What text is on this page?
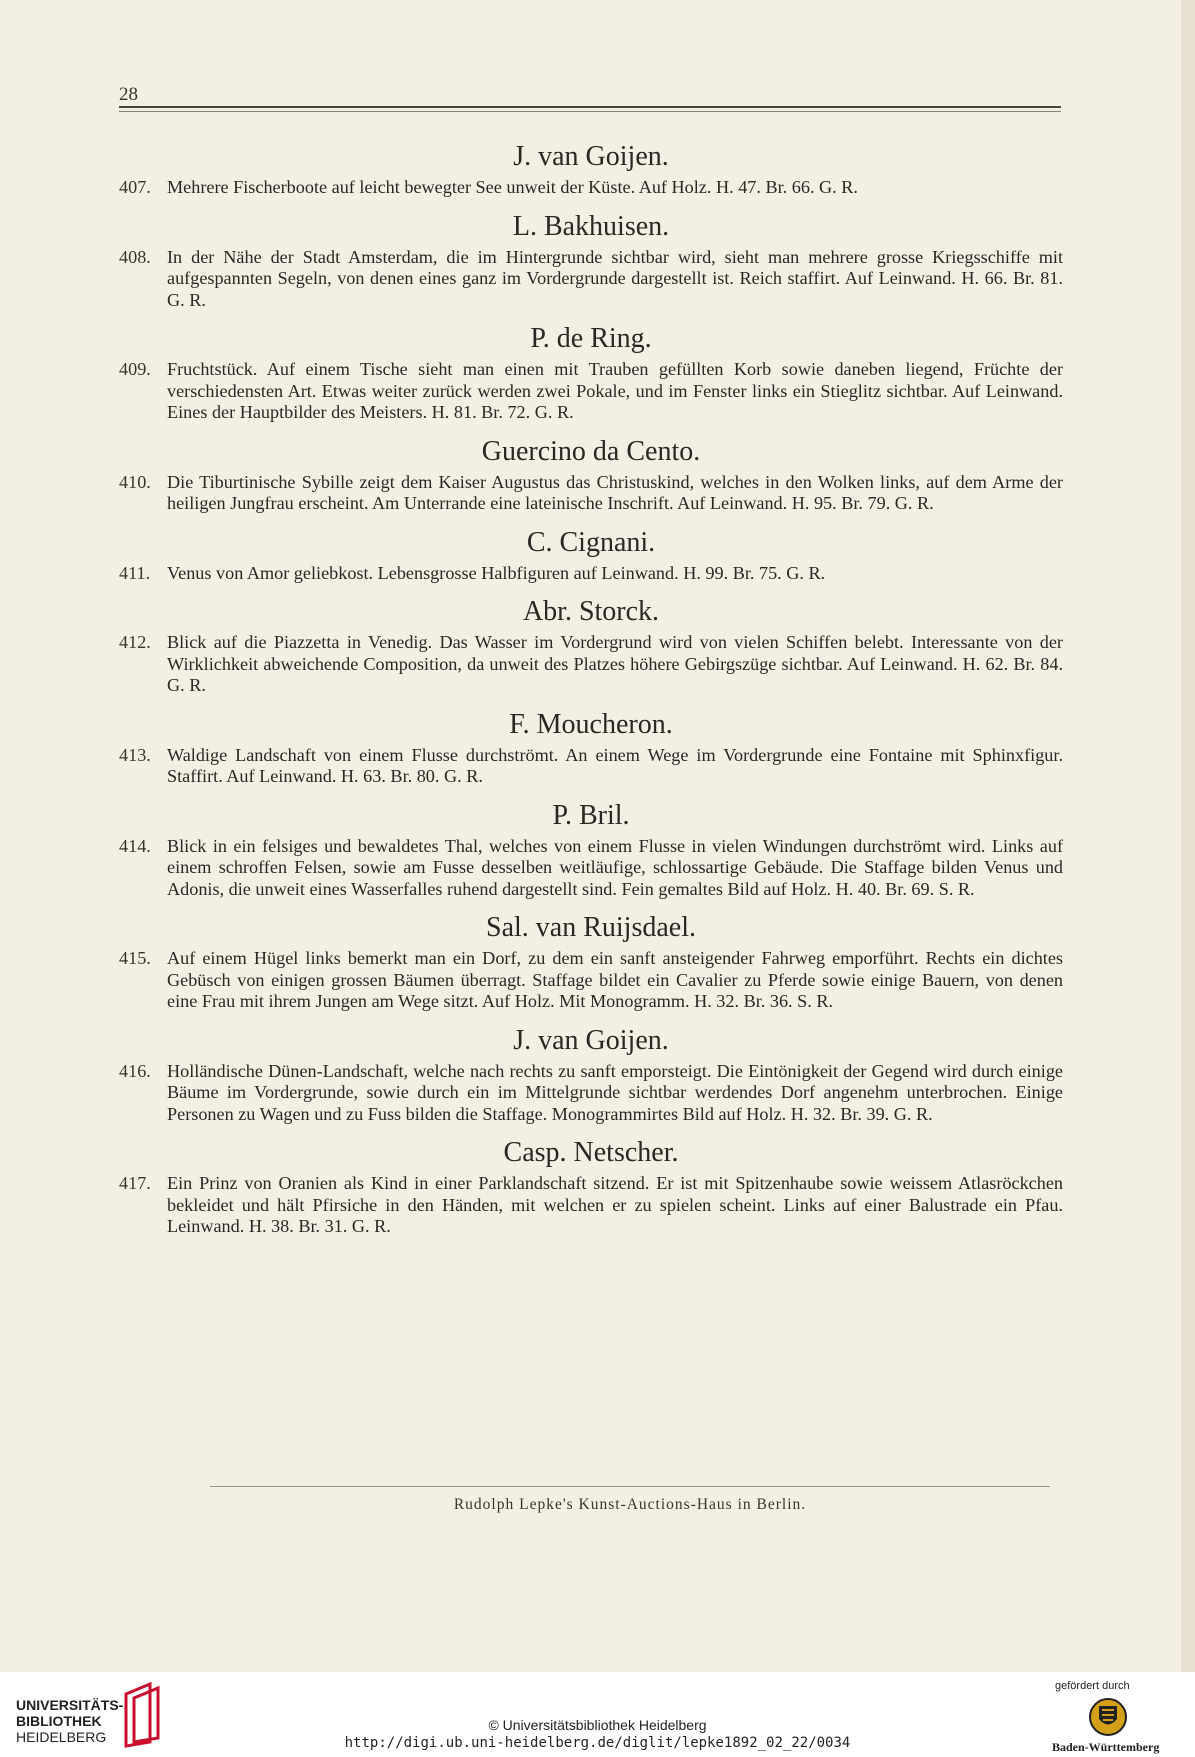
28
J. van Goijen.
407. Mehrere Fischerboote auf leicht bewegter See unweit der Küste. Auf Holz. H. 47. Br. 66. G. R.
L. Bakhuisen.
408. In der Nähe der Stadt Amsterdam, die im Hintergrunde sichtbar wird, sieht man mehrere grosse Kriegsschiffe mit aufgespannten Segeln, von denen eines ganz im Vordergrunde dargestellt ist. Reich staffirt. Auf Leinwand. H. 66. Br. 81. G. R.
P. de Ring.
409. Fruchtstück. Auf einem Tische sieht man einen mit Trauben gefüllten Korb sowie daneben liegend, Früchte der verschiedensten Art. Etwas weiter zurück werden zwei Pokale, und im Fenster links ein Stieglitz sichtbar. Auf Leinwand. Eines der Hauptbilder des Meisters. H. 81. Br. 72. G. R.
Guercino da Cento.
410. Die Tiburtinische Sybille zeigt dem Kaiser Augustus das Christuskind, welches in den Wolken links, auf dem Arme der heiligen Jungfrau erscheint. Am Unterrande eine lateinische Inschrift. Auf Leinwand. H. 95. Br. 79. G. R.
C. Cignani.
411. Venus von Amor geliebkost. Lebensgrosse Halbfiguren auf Leinwand. H. 99. Br. 75. G. R.
Abr. Storck.
412. Blick auf die Piazzetta in Venedig. Das Wasser im Vordergrund wird von vielen Schiffen belebt. Interessante von der Wirklichkeit abweichende Composition, da unweit des Platzes höhere Gebirgszüge sichtbar. Auf Leinwand. H. 62. Br. 84. G. R.
F. Moucheron.
413. Waldige Landschaft von einem Flusse durchströmt. An einem Wege im Vordergrunde eine Fontaine mit Sphinxfigur. Staffirt. Auf Leinwand. H. 63. Br. 80. G. R.
P. Bril.
414. Blick in ein felsiges und bewaldetes Thal, welches von einem Flusse in vielen Windungen durchströmt wird. Links auf einem schroffen Felsen, sowie am Fusse desselben weitläufige, schlossartige Gebäude. Die Staffage bilden Venus und Adonis, die unweit eines Wasserfalles ruhend dargestellt sind. Fein gemaltes Bild auf Holz. H. 40. Br. 69. S. R.
Sal. van Ruijsdael.
415. Auf einem Hügel links bemerkt man ein Dorf, zu dem ein sanft ansteigender Fahrweg emporführt. Rechts ein dichtes Gebüsch von einigen grossen Bäumen überragt. Staffage bildet ein Cavalier zu Pferde sowie einige Bauern, von denen eine Frau mit ihrem Jungen am Wege sitzt. Auf Holz. Mit Monogramm. H. 32. Br. 36. S. R.
J. van Goijen.
416. Holländische Dünen-Landschaft, welche nach rechts zu sanft emporsteigt. Die Eintönigkeit der Gegend wird durch einige Bäume im Vordergrunde, sowie durch ein im Mittelgrunde sichtbar werdendes Dorf angenehm unterbrochen. Einige Personen zu Wagen und zu Fuss bilden die Staffage. Monogrammirtes Bild auf Holz. H. 32. Br. 39. G. R.
Casp. Netscher.
417. Ein Prinz von Oranien als Kind in einer Parklandschaft sitzend. Er ist mit Spitzenhaube sowie weissem Atlasröckchen bekleidet und hält Pfirsiche in den Händen, mit welchen er zu spielen scheint. Links auf einer Balustrade ein Pfau. Leinwand. H. 38. Br. 31. G. R.
Rudolph Lepke's Kunst-Auctions-Haus in Berlin.
UNIVERSITÄTS-
BIBLIOTHEK
HEIDELBERG
© Universitätsbibliothek Heidelberg
http://digi.ub.uni-heidelberg.de/diglit/lepke1892_02_22/0034
gefördert durch
Baden-Württemberg
